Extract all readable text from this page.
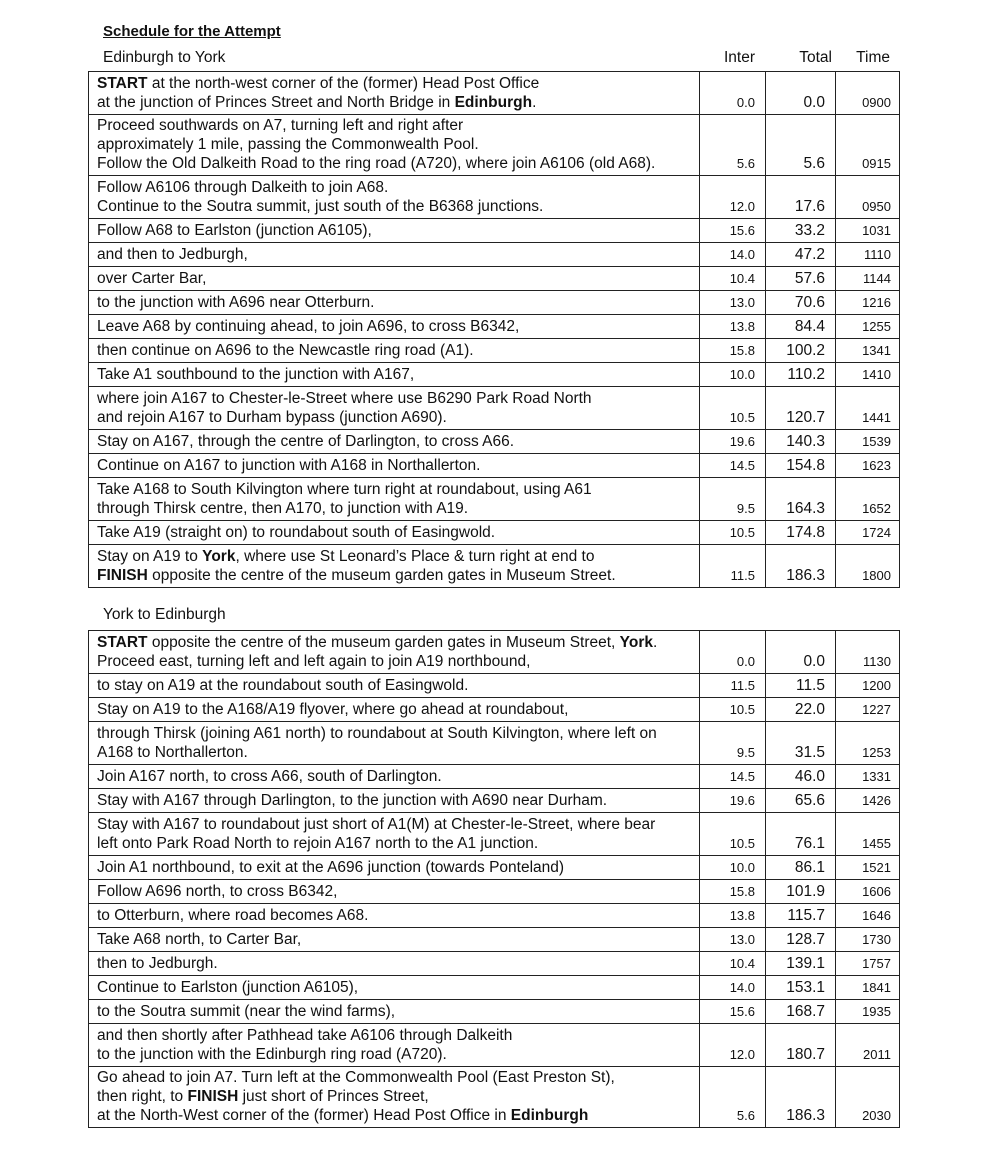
Schedule for the Attempt
Edinburgh to York	Inter	Total	Time
START at the north-west corner of the (former) Head Post Office
at the junction of Princes Street and North Bridge in Edinburgh.	0.0	0.0	0900
Proceed southwards on A7, turning left and right after
approximately 1 mile, passing the Commonwealth Pool.
Follow the Old Dalkeith Road to the ring road (A720), where join A6106 (old A68).	5.6	5.6	0915
Follow A6106 through Dalkeith to join A68.
Continue to the Soutra summit, just south of the B6368 junctions.	12.0	17.6	0950
Follow A68 to Earlston (junction A6105),	15.6	33.2	1031
and then to Jedburgh,	14.0	47.2	1110
over Carter Bar,	10.4	57.6	1144
to the junction with A696 near Otterburn.	13.0	70.6	1216
Leave A68 by continuing ahead, to join A696, to cross B6342,	13.8	84.4	1255
then continue on A696 to the Newcastle ring road (A1).	15.8	100.2	1341
Take A1 southbound to the junction with A167,	10.0	110.2	1410
where join A167 to Chester-le-Street where use B6290 Park Road North
and rejoin A167 to Durham bypass (junction A690).	10.5	120.7	1441
Stay on A167, through the centre of Darlington, to cross A66.	19.6	140.3	1539
Continue on A167 to junction with A168 in Northallerton.	14.5	154.8	1623
Take A168 to South Kilvington where turn right at roundabout, using A61
through Thirsk centre, then A170, to junction with A19.	9.5	164.3	1652
Take A19 (straight on) to roundabout south of Easingwold.	10.5	174.8	1724
Stay on A19 to York, where use St Leonard’s Place & turn right at end to
FINISH opposite the centre of the museum garden gates in Museum Street.	11.5	186.3	1800
York to Edinburgh
START opposite the centre of the museum garden gates in Museum Street, York.
Proceed east, turning left and left again to join A19 northbound,	0.0	0.0	1130
to stay on A19 at the roundabout south of Easingwold.	11.5	11.5	1200
Stay on A19 to the A168/A19 flyover, where go ahead at roundabout,	10.5	22.0	1227
through Thirsk (joining A61 north) to roundabout at South Kilvington, where left on
A168 to Northallerton.	9.5	31.5	1253
Join A167 north, to cross A66, south of Darlington.	14.5	46.0	1331
Stay with A167 through Darlington, to the junction with A690 near Durham.	19.6	65.6	1426
Stay with A167 to roundabout just short of A1(M) at Chester-le-Street, where bear
left onto Park Road North to rejoin A167 north to the A1 junction.	10.5	76.1	1455
Join A1 northbound, to exit at the A696 junction (towards Ponteland)	10.0	86.1	1521
Follow A696 north, to cross B6342,	15.8	101.9	1606
to Otterburn, where road becomes A68.	13.8	115.7	1646
Take A68 north, to Carter Bar,	13.0	128.7	1730
then to Jedburgh.	10.4	139.1	1757
Continue to Earlston (junction A6105),	14.0	153.1	1841
to the Soutra summit (near the wind farms),	15.6	168.7	1935
and then shortly after Pathhead take A6106 through Dalkeith
to the junction with the Edinburgh ring road (A720).	12.0	180.7	2011
Go ahead to join A7. Turn left at the Commonwealth Pool (East Preston St),
then right, to FINISH just short of Princes Street,
at the North-West corner of the (former) Head Post Office in Edinburgh	5.6	186.3	2030
